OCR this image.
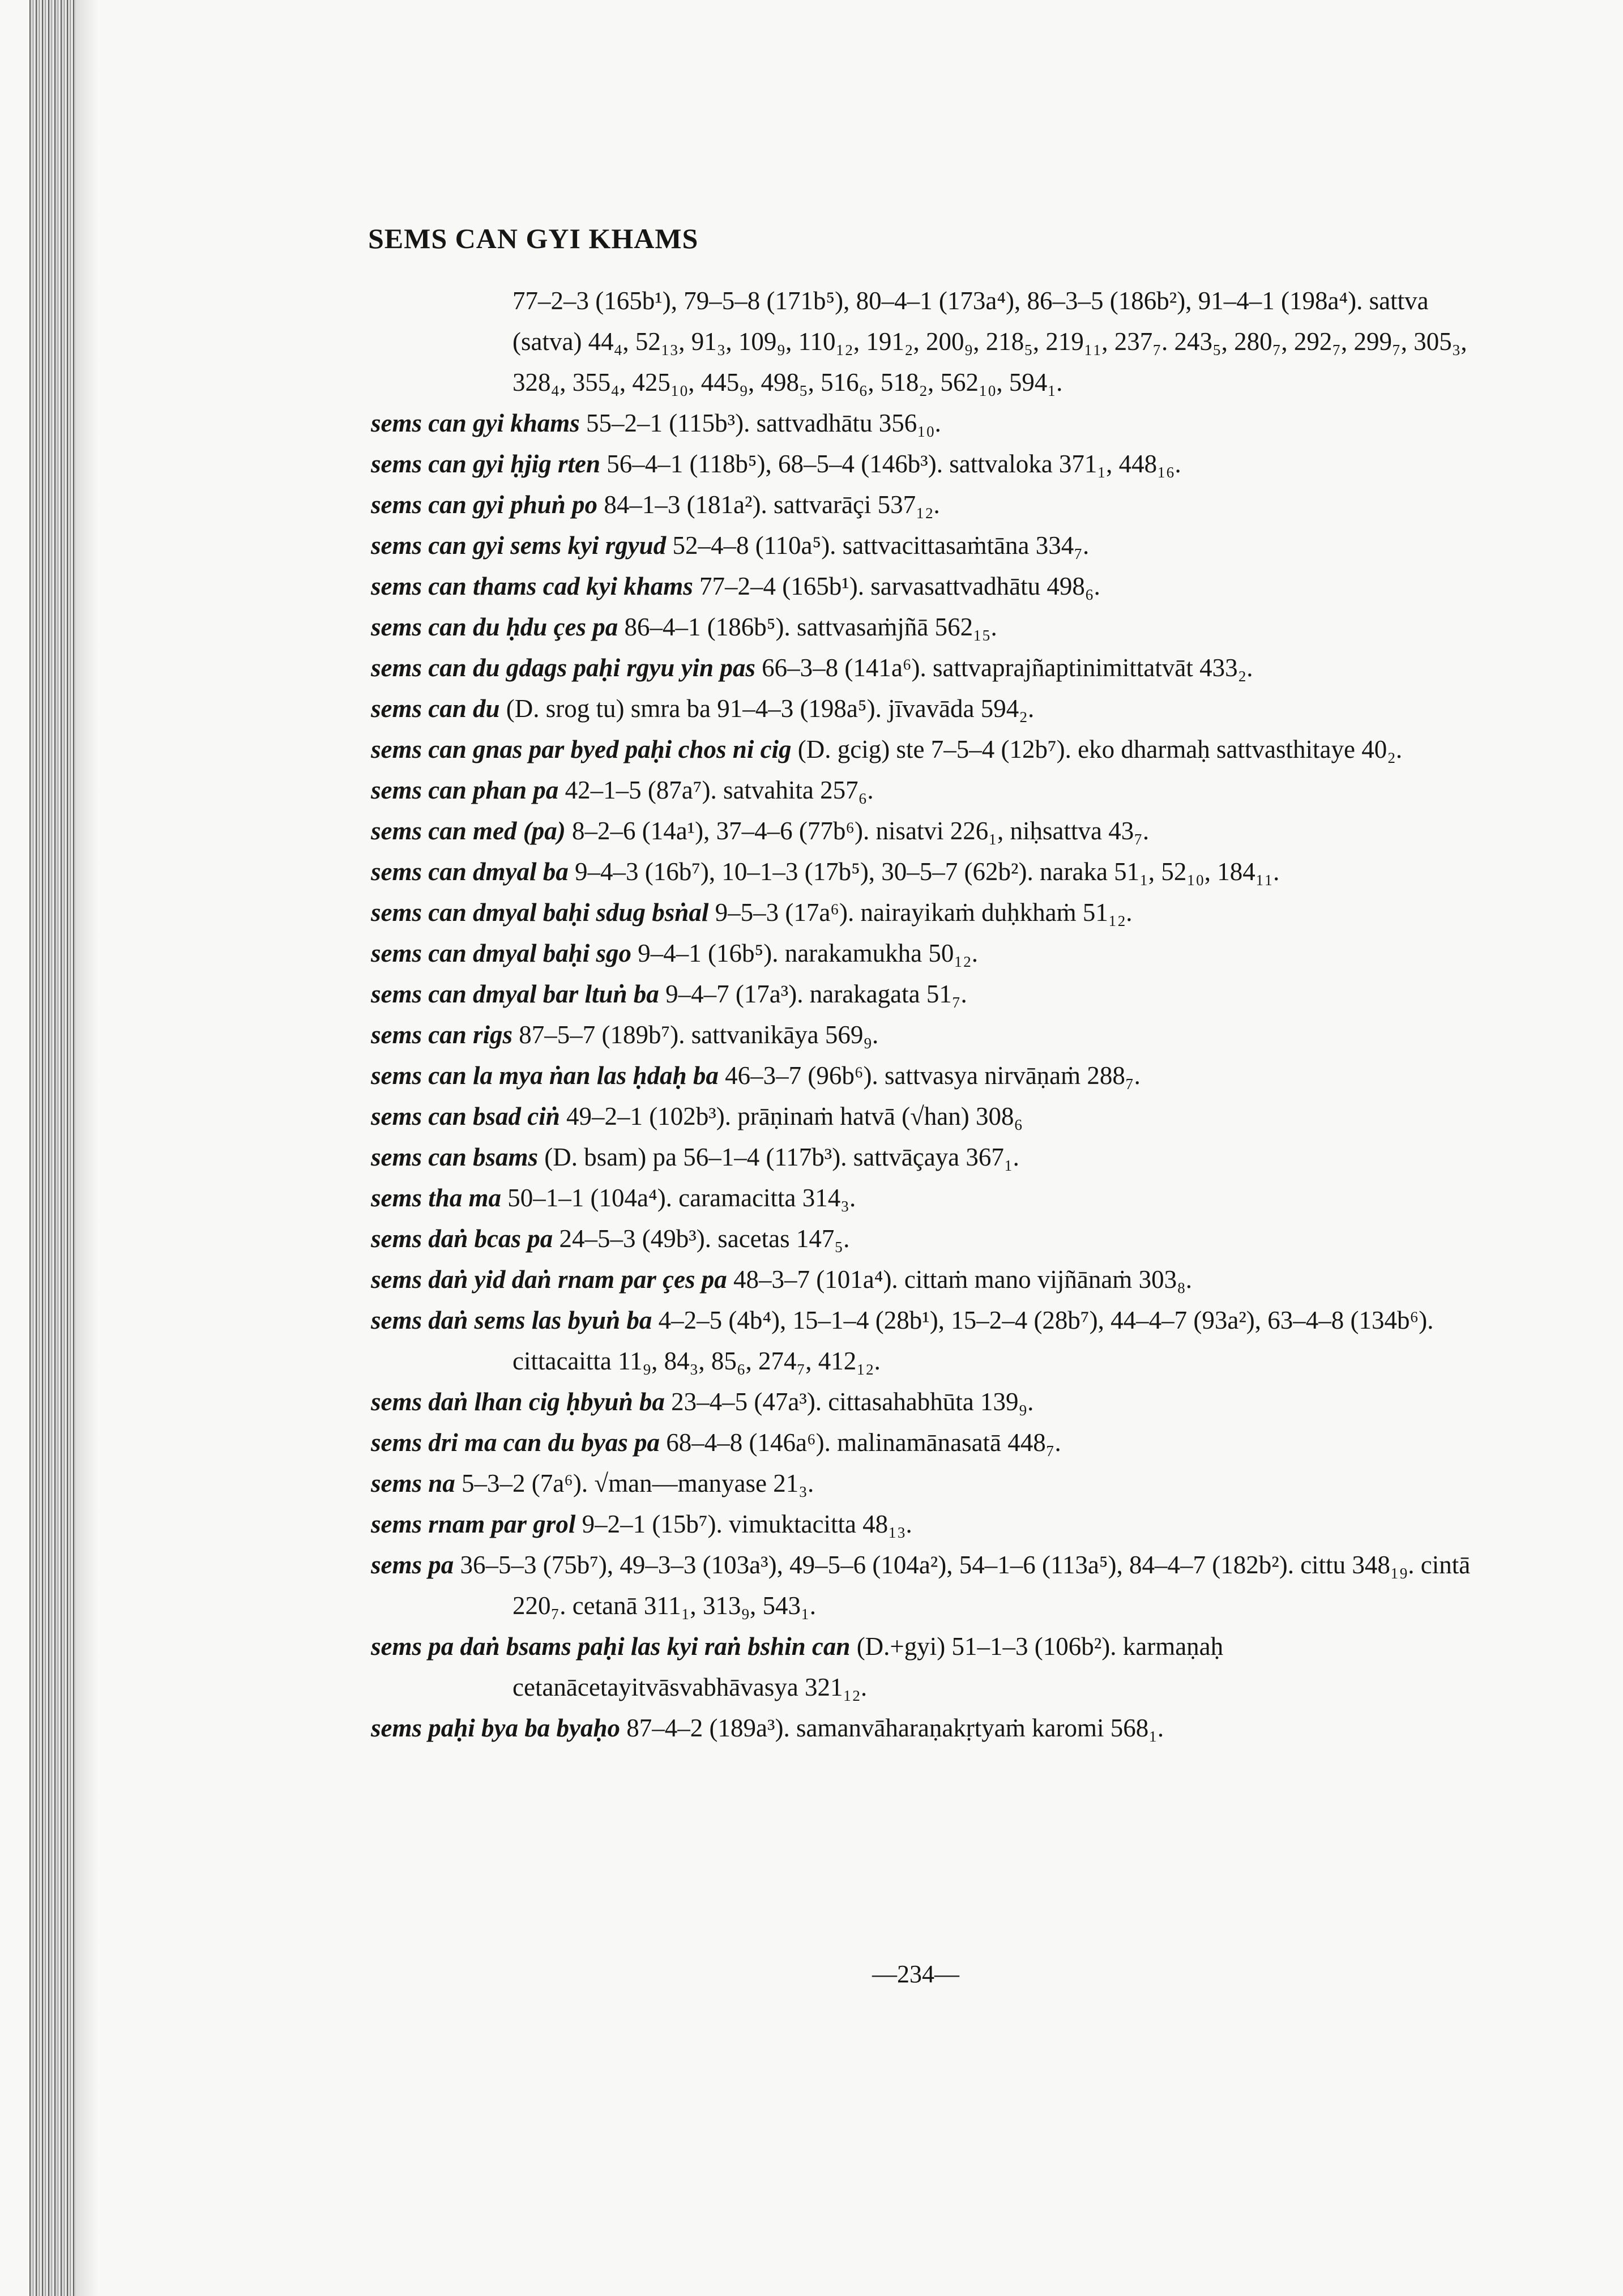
SEMS CAN GYI KHAMS
77–2–3 (165b¹), 79–5–8 (171b⁵), 80–4–1 (173a⁴), 86–3–5 (186b²), 91–4–1 (198a⁴). sattva (satva) 44₄, 52₁₃, 91₃, 109₉, 110₁₂, 191₂, 200₉, 218₅, 219₁₁, 237₇. 243₅, 280₇, 292₇, 299₇, 305₃, 328₄, 355₄, 425₁₀, 445₉, 498₅, 516₆, 518₂, 562₁₀, 594₁.
sems can gyi khams 55–2–1 (115b³). sattvadhātu 356₁₀.
sems can gyi ḥjig rten 56–4–1 (118b⁵), 68–5–4 (146b³). sattvaloka 371₁, 448₁₆.
sems can gyi phuṅ po 84–1–3 (181a²). sattvarāçi 537₁₂.
sems can gyi sems kyi rgyud 52–4–8 (110a⁵). sattvacittasaṁtāna 334₇.
sems can thams cad kyi khams 77–2–4 (165b¹). sarvasattvadhātu 498₆.
sems can du ḥdu çes pa 86–4–1 (186b⁵). sattvasaṁjñā 562₁₅.
sems can du gdags paḥi rgyu yin pas 66–3–8 (141a⁶). sattvaprajñaptinimittatvāt 433₂.
sems can du (D. srog tu) smra ba 91–4–3 (198a⁵). jīvavāda 594₂.
sems can gnas par byed paḥi chos ni cig (D. gcig) ste 7–5–4 (12b⁷). eko dharmaḥ sattvasthitaye 40₂.
sems can phan pa 42–1–5 (87a⁷). satvahita 257₆.
sems can med (pa) 8–2–6 (14a¹), 37–4–6 (77b⁶). nisatvi 226₁, niḥsattva 43₇.
sems can dmyal ba 9–4–3 (16b⁷), 10–1–3 (17b⁵), 30–5–7 (62b²). naraka 51₁, 52₁₀, 184₁₁.
sems can dmyal baḥi sdug bsṅal 9–5–3 (17a⁶). nairayikaṁ duḥkhaṁ 51₁₂.
sems can dmyal baḥi sgo 9–4–1 (16b⁵). narakamukha 50₁₂.
sems can dmyal bar ltuṅ ba 9–4–7 (17a³). narakagata 51₇.
sems can rigs 87–5–7 (189b⁷). sattvanikāya 569₉.
sems can la mya ṅan las ḥdaḥ ba 46–3–7 (96b⁶). sattvasya nirvāṇaṁ 288₇.
sems can bsad ciṅ 49–2–1 (102b³). prāṇinaṁ hatvā (√han) 308₆
sems can bsams (D. bsam) pa 56–1–4 (117b³). sattvāçaya 367₁.
sems tha ma 50–1–1 (104a⁴). caramacitta 314₃.
sems daṅ bcas pa 24–5–3 (49b³). sacetas 147₅.
sems daṅ yid daṅ rnam par çes pa 48–3–7 (101a⁴). cittaṁ mano vijñānaṁ 303₈.
sems daṅ sems las byuṅ ba 4–2–5 (4b⁴), 15–1–4 (28b¹), 15–2–4 (28b⁷), 44–4–7 (93a²), 63–4–8 (134b⁶). cittacaitta 11₉, 84₃, 85₆, 274₇, 412₁₂.
sems daṅ lhan cig ḥbyuṅ ba 23–4–5 (47a³). cittasahabhūta 139₉.
sems dri ma can du byas pa 68–4–8 (146a⁶). malinamānasatā 448₇.
sems na 5–3–2 (7a⁶). √man—manyase 21₃.
sems rnam par grol 9–2–1 (15b⁷). vimuktacitta 48₁₃.
sems pa 36–5–3 (75b⁷), 49–3–3 (103a³), 49–5–6 (104a²), 54–1–6 (113a⁵), 84–4–7 (182b²). cittu 348₁₉. cintā 220₇. cetanā 311₁, 313₉, 543₁.
sems pa daṅ bsams paḥi las kyi raṅ bshin can (D.+gyi) 51–1–3 (106b²). karmaṇaḥ cetanācetayitvāsvabhāvasya 321₁₂.
sems paḥi bya ba byaḥo 87–4–2 (189a³). samanvāharaṇakṛtyaṁ karomi 568₁.
—234—
